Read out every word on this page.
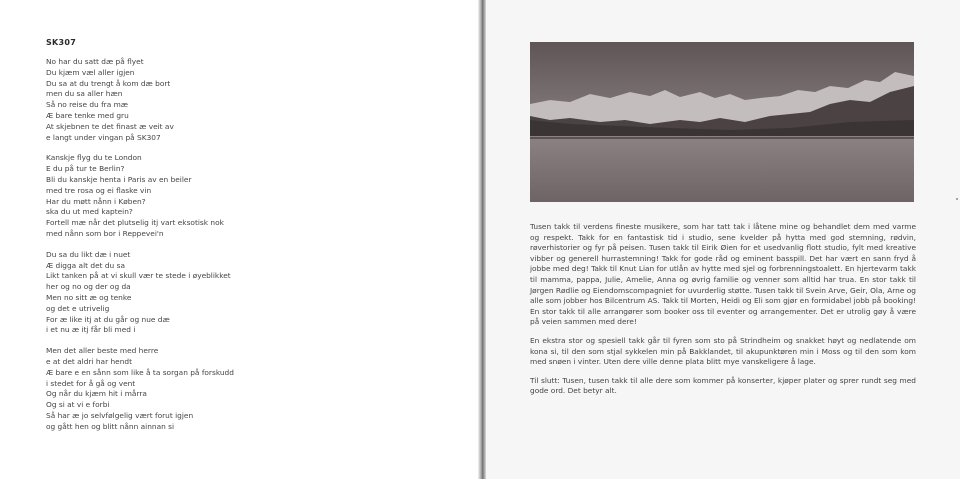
SK307
No har du satt dæ på flyet
Du kjæm væl aller igjen
Du sa at du trengt å kom dæ bort
men du sa aller hæn
Så no reise du fra mæ
Æ bare tenke med gru
At skjebnen te det finast æ veit av
e langt under vingan på SK307
Kanskje flyg du te London
E du på tur te Berlin?
Bli du kanskje henta i Paris av en beiler
med tre rosa og ei flaske vin
Har du møtt nånn i Køben?
ska du ut med kaptein?
Fortell mæ når det plutselig itj vart eksotisk nok
med nånn som bor i Reppevei'n
Du sa du likt dæ i nuet
Æ digga alt det du sa
Likt tanken på at vi skull vær te stede i øyeblikket
her og no og der og da
Men no sitt æ og tenke
og det e utrivelig
For æ like itj at du går og nue dæ
i et nu æ itj får bli med i
Men det aller beste med herre
e at det aldri har hendt
Æ bare e en sånn som like å ta sorgan på forskudd
i stedet for å gå og vent
Og når du kjæm hit i mårra
Og si at vi e forbi
Så har æ jo selvfølgelig vært forut igjen
og gått hen og blitt nånn ainnan si

Tusen takk til verdens fineste musikere, som har tatt tak i låtene mine og behandlet dem med varme og respekt. Takk for en fantastisk tid i studio, sene kvelder på hytta med god stemning, rødvin, røverhistorier og fyr på peisen. Tusen takk til Eirik Øien for et usedvanlig flott studio, fylt med kreative vibber og generell hurrastemning! Takk for gode råd og eminent basspill. Det har vært en sann fryd å jobbe med deg! Takk til Knut Lian for utlån av hytte med sjel og forbrenningstoalett. En hjertevarm takk til mamma, pappa, Julie, Amelie, Anna og øvrig familie og venner som alltid har trua. En stor takk til Jørgen Rødlie og Eiendomscompagniet for uvurderlig støtte. Tusen takk til Svein Arve, Geir, Ola, Arne og alle som jobber hos Bilcentrum AS. Takk til Morten, Heidi og Eli som gjør en formidabel jobb på booking! En stor takk til alle arrangører som booker oss til eventer og arrangementer. Det er utrolig gøy å være på veien sammen med dere!

En ekstra stor og spesiell takk går til fyren som sto på Strindheim og snakket høyt og nedlatende om kona si, til den som stjal sykkelen min på Bakklandet, til akupunktøren min i Moss og til den som kom med snøen i vinter. Uten dere ville denne plata blitt mye vanskeligere å lage.

Til slutt: Tusen, tusen takk til alle dere som kommer på konserter, kjøper plater og sprer rundt seg med gode ord. Det betyr alt.
